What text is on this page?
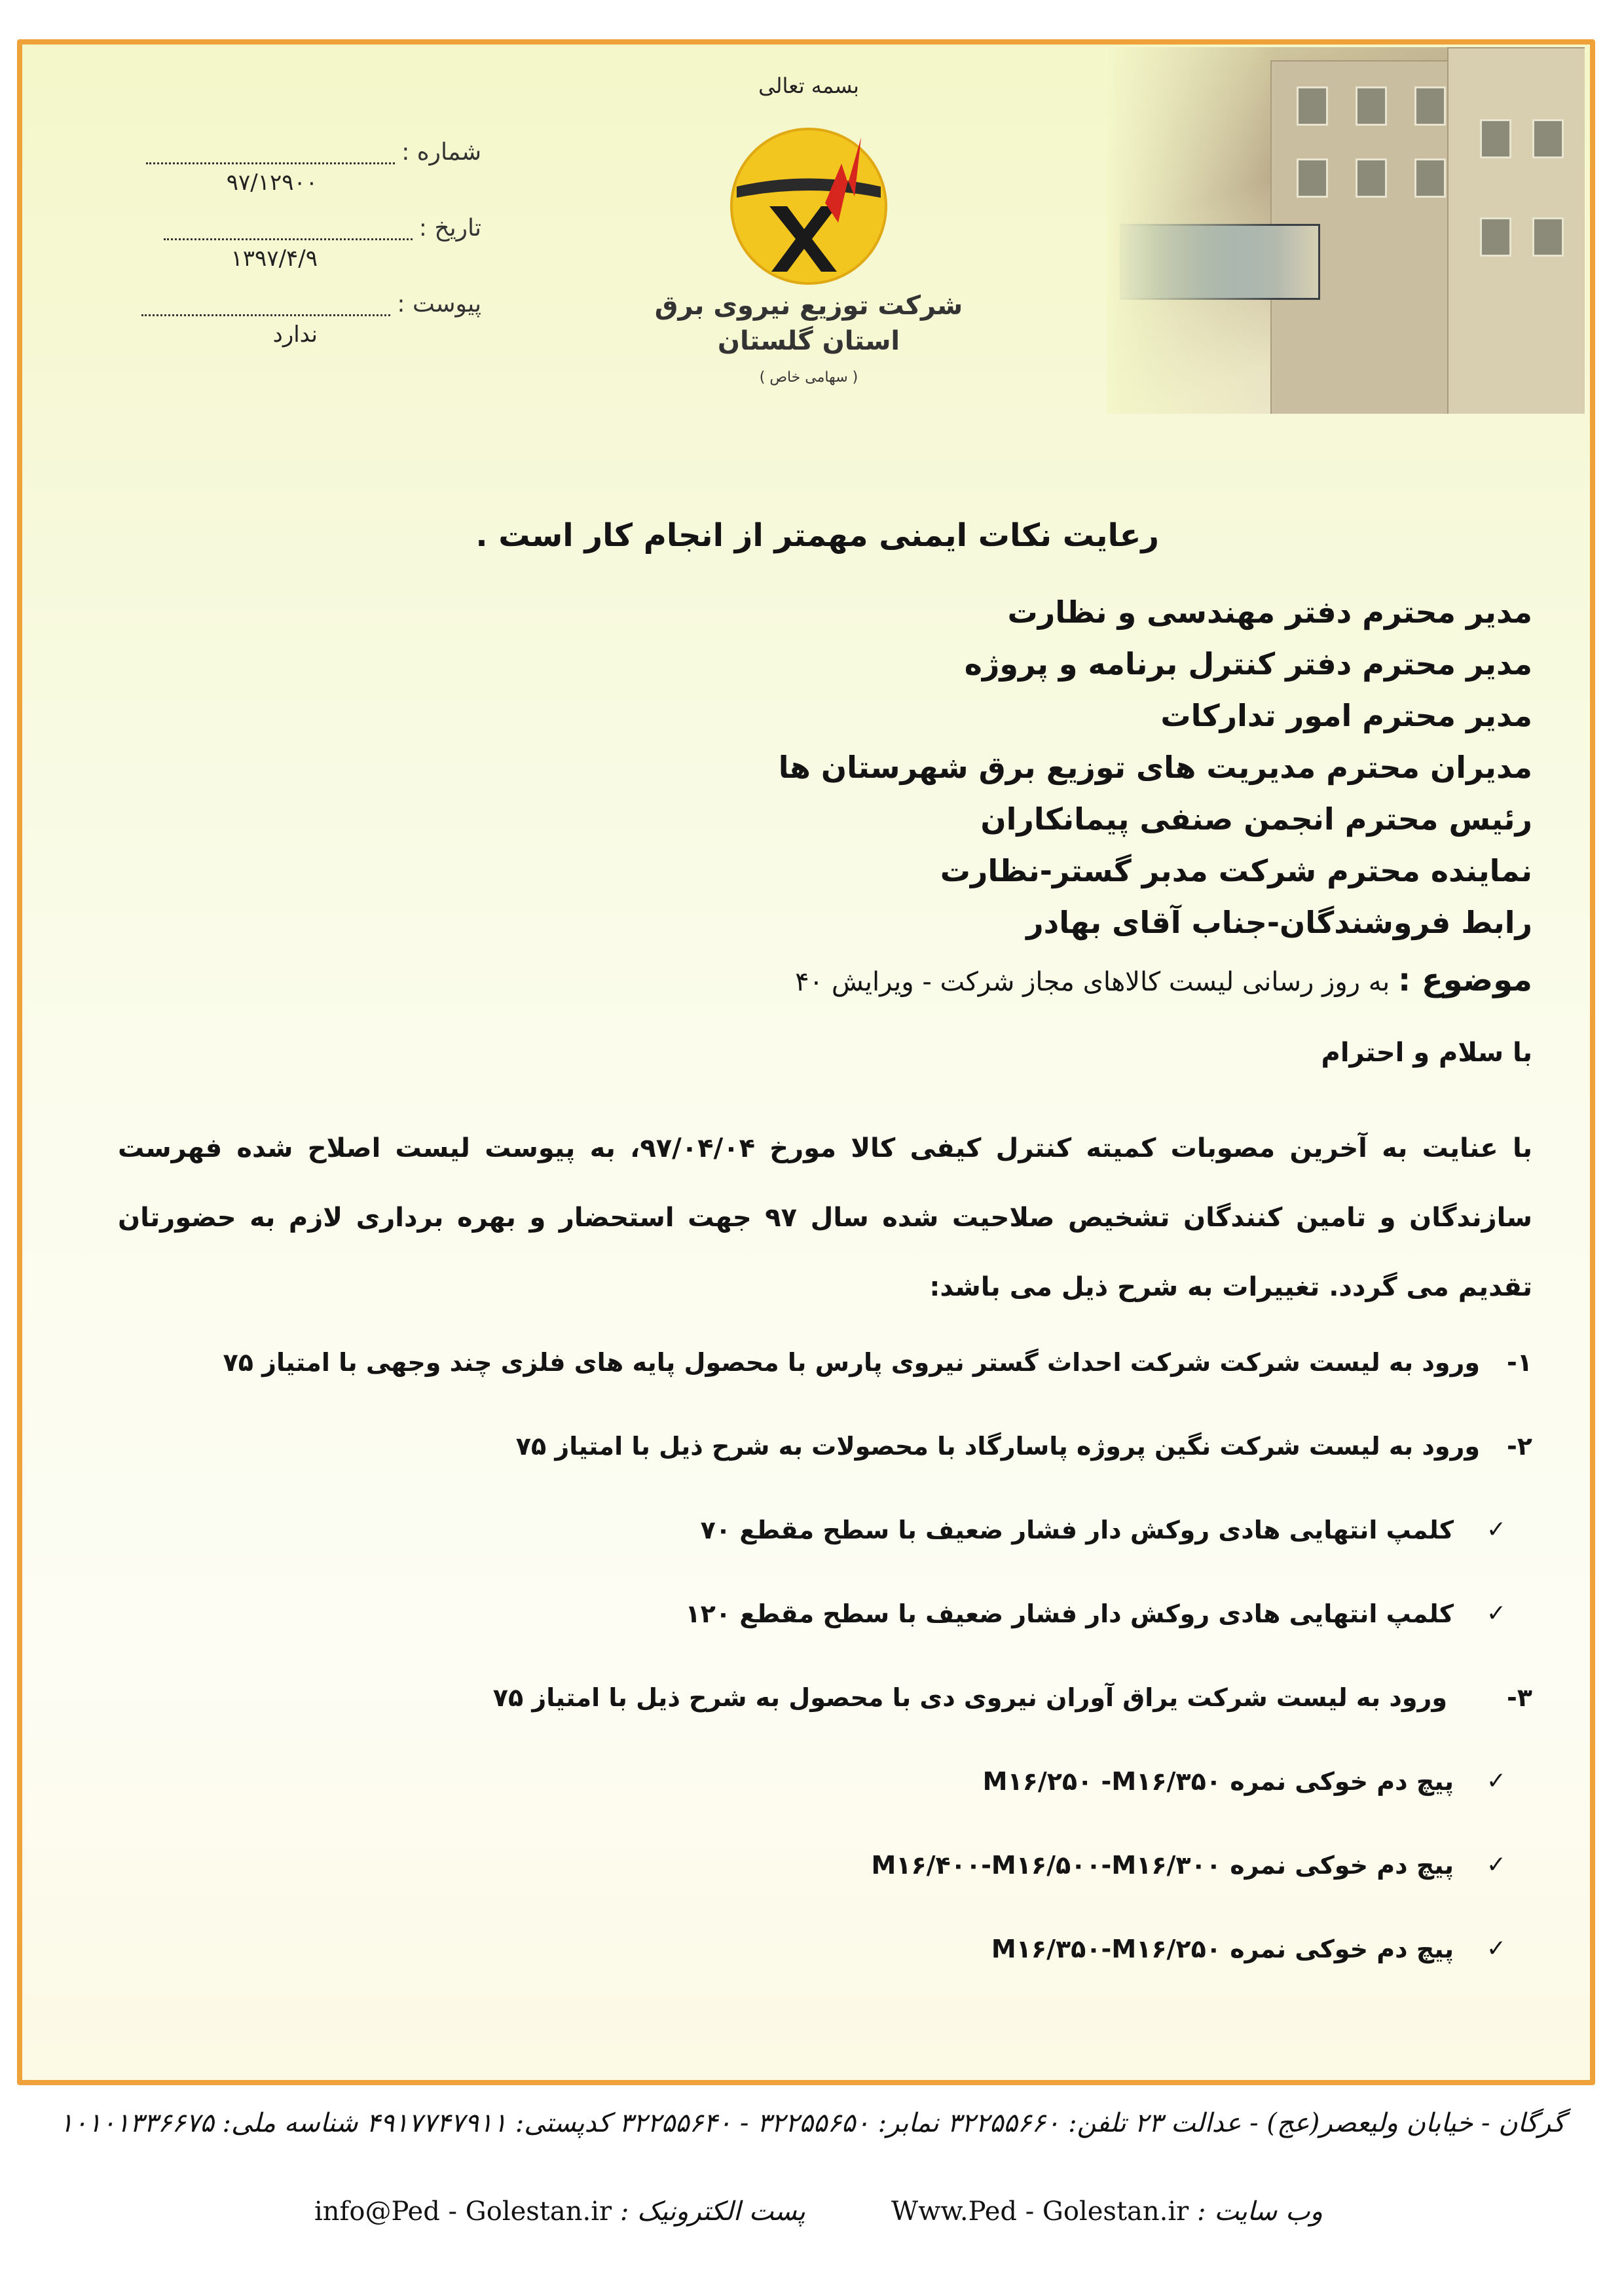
بسمه تعالی
شرکت توزیع نیروی برق
استان گلستان
( سهامی خاص )
شماره :
۹۷/۱۲۹۰۰
تاریخ :
۱۳۹۷/۴/۹
پیوست :
ندارد
رعایت نکات ایمنی مهمتر از انجام کار است .
مدیر محترم دفتر مهندسی و نظارت
مدیر محترم دفتر کنترل برنامه و پروژه
مدیر محترم امور تدارکات
مدیران محترم مدیریت های توزیع برق شهرستان ها
رئیس محترم انجمن صنفی پیمانکاران
نماینده محترم شرکت مدبر گستر-نظارت
رابط فروشندگان-جناب آقای بهادر
موضوع : به روز رسانی لیست کالاهای مجاز شرکت - ویرایش ۴۰
با سلام و احترام
با عنایت به آخرین مصوبات کمیته کنترل کیفی کالا مورخ ۹۷/۰۴/۰۴، به پیوست لیست اصلاح شده فهرست سازندگان و تامین کنندگان تشخیص صلاحیت شده سال ۹۷ جهت استحضار و بهره برداری لازم به حضورتان تقدیم می گردد. تغییرات به شرح ذیل می باشد:
۱-
ورود به لیست شرکت شرکت احداث گستر نیروی پارس با محصول پایه های فلزی چند وجهی با امتیاز ۷۵
۲-
ورود به لیست شرکت نگین پروژه پاسارگاد با محصولات به شرح ذیل با امتیاز ۷۵
✓
کلمپ انتهایی هادی روکش دار فشار ضعیف با سطح مقطع ۷۰
✓
کلمپ انتهایی هادی روکش دار فشار ضعیف با سطح مقطع ۱۲۰
۳-
ورود به لیست شرکت یراق آوران نیروی دی با محصول به شرح ذیل با امتیاز ۷۵
✓
پیچ دم خوکی نمره M۱۶/۲۵۰ -M۱۶/۳۵۰
✓
پیچ دم خوکی نمره M۱۶/۴۰۰-M۱۶/۵۰۰-M۱۶/۳۰۰
✓
پیچ دم خوکی نمره M۱۶/۳۵۰-M۱۶/۲۵۰
گرگان - خیابان ولیعصر(عج) - عدالت ۲۳ تلفن: ۳۲۲۵۵۶۶۰ نمابر: ۳۲۲۵۵۶۵۰ - ۳۲۲۵۵۶۴۰ کدپستی: ۴۹۱۷۷۴۷۹۱۱ شناسه ملی: ۱۰۱۰۱۳۳۶۶۷۵
وب سایت : Www.Ped - Golestan.ir
پست الکترونیک : info@Ped - Golestan.ir
